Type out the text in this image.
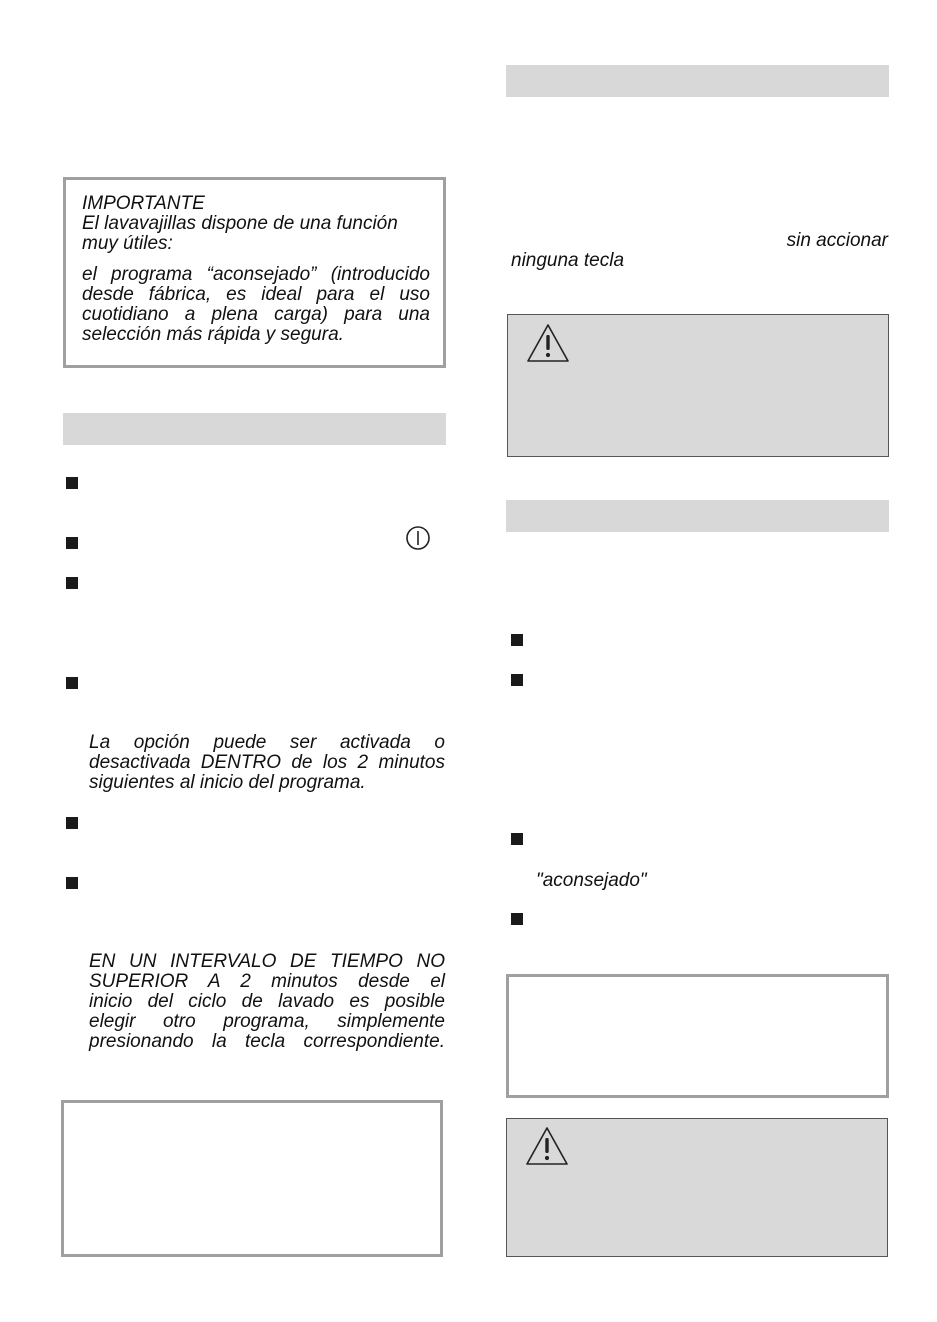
IMPORTANTE
El lavavajillas dispone de una función
muy útiles:
el programa “aconsejado” (introducido
desde fábrica, es ideal para el uso
cuotidiano a plena carga) para una
selección más rápida y segura.
La opción puede ser activada o
desactivada DENTRO de los 2 minutos
siguientes al inicio del programa.
EN UN INTERVALO DE TIEMPO NO
SUPERIOR A 2 minutos desde el
inicio del ciclo de lavado es posible
elegir otro programa, simplemente
presionando la tecla correspondiente.
sin accionar
ninguna tecla
"aconsejado"
